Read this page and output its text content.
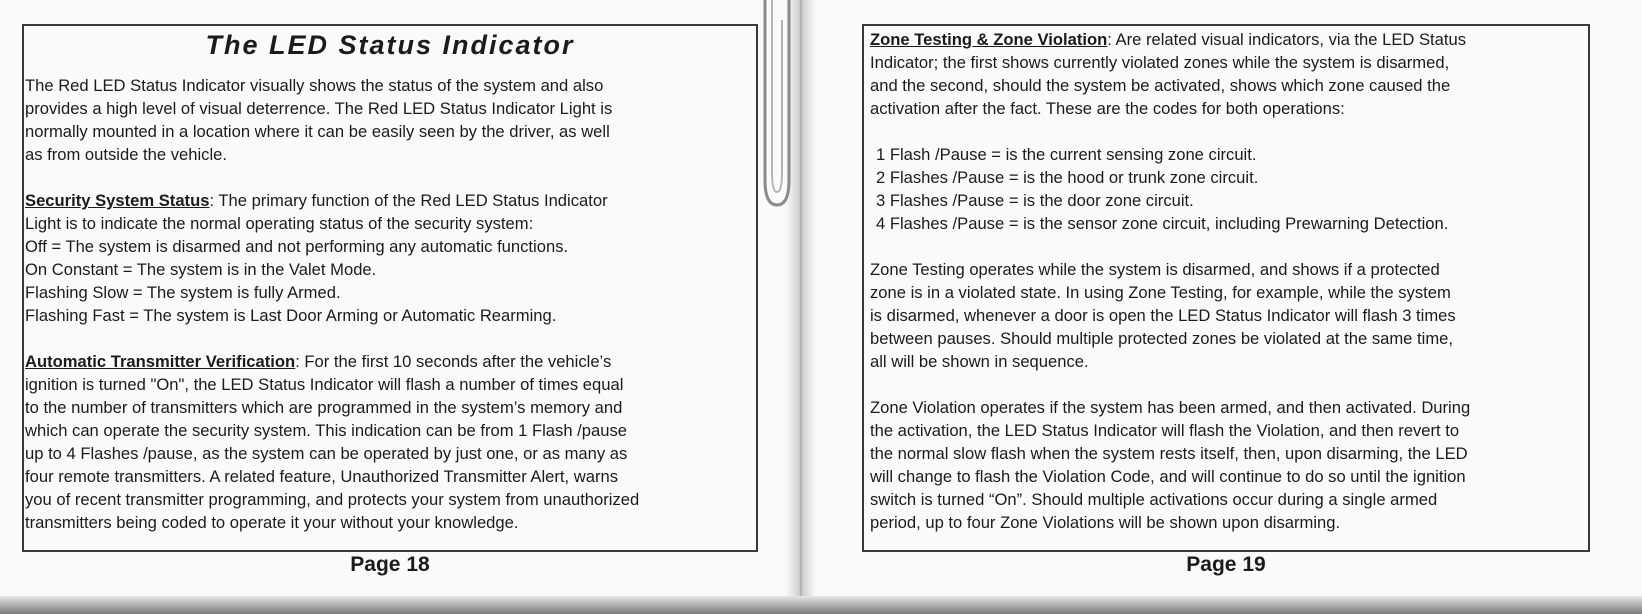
The LED Status Indicator
The Red LED Status Indicator visually shows the status of the system and also
provides a high level of visual deterrence. The Red LED Status Indicator Light is
normally mounted in a location where it can be easily seen by the driver, as well
as from outside the vehicle.
Security System Status: The primary function of the Red LED Status Indicator
Light is to indicate the normal operating status of the security system:
Off = The system is disarmed and not performing any automatic functions.
On Constant = The system is in the Valet Mode.
Flashing Slow = The system is fully Armed.
Flashing Fast = The system is Last Door Arming or Automatic Rearming.
Automatic Transmitter Verification: For the first 10 seconds after the vehicle’s
ignition is turned "On", the LED Status Indicator will flash a number of times equal
to the number of transmitters which are programmed in the system’s memory and
which can operate the security system. This indication can be from 1 Flash /pause
up to 4 Flashes /pause, as the system can be operated by just one, or as many as
four remote transmitters. A related feature, Unauthorized Transmitter Alert, warns
you of recent transmitter programming, and protects your system from unauthorized
transmitters being coded to operate it your without your knowledge.
Page 18
Zone Testing & Zone Violation: Are related visual indicators, via the LED Status
Indicator; the first shows currently violated zones while the system is disarmed,
and the second, should the system be activated, shows which zone caused the
activation after the fact. These are the codes for both operations:
1 Flash /Pause = is the current sensing zone circuit.
2 Flashes /Pause = is the hood or trunk zone circuit.
3 Flashes /Pause = is the door zone circuit.
4 Flashes /Pause = is the sensor zone circuit, including Prewarning Detection.
Zone Testing operates while the system is disarmed, and shows if a protected
zone is in a violated state. In using Zone Testing, for example, while the system
is disarmed, whenever a door is open the LED Status Indicator will flash 3 times
between pauses. Should multiple protected zones be violated at the same time,
all will be shown in sequence.
Zone Violation operates if the system has been armed, and then activated. During
the activation, the LED Status Indicator will flash the Violation, and then revert to
the normal slow flash when the system rests itself, then, upon disarming, the LED
will change to flash the Violation Code, and will continue to do so until the ignition
switch is turned “On”. Should multiple activations occur during a single armed
period, up to four Zone Violations will be shown upon disarming.
Page 19
